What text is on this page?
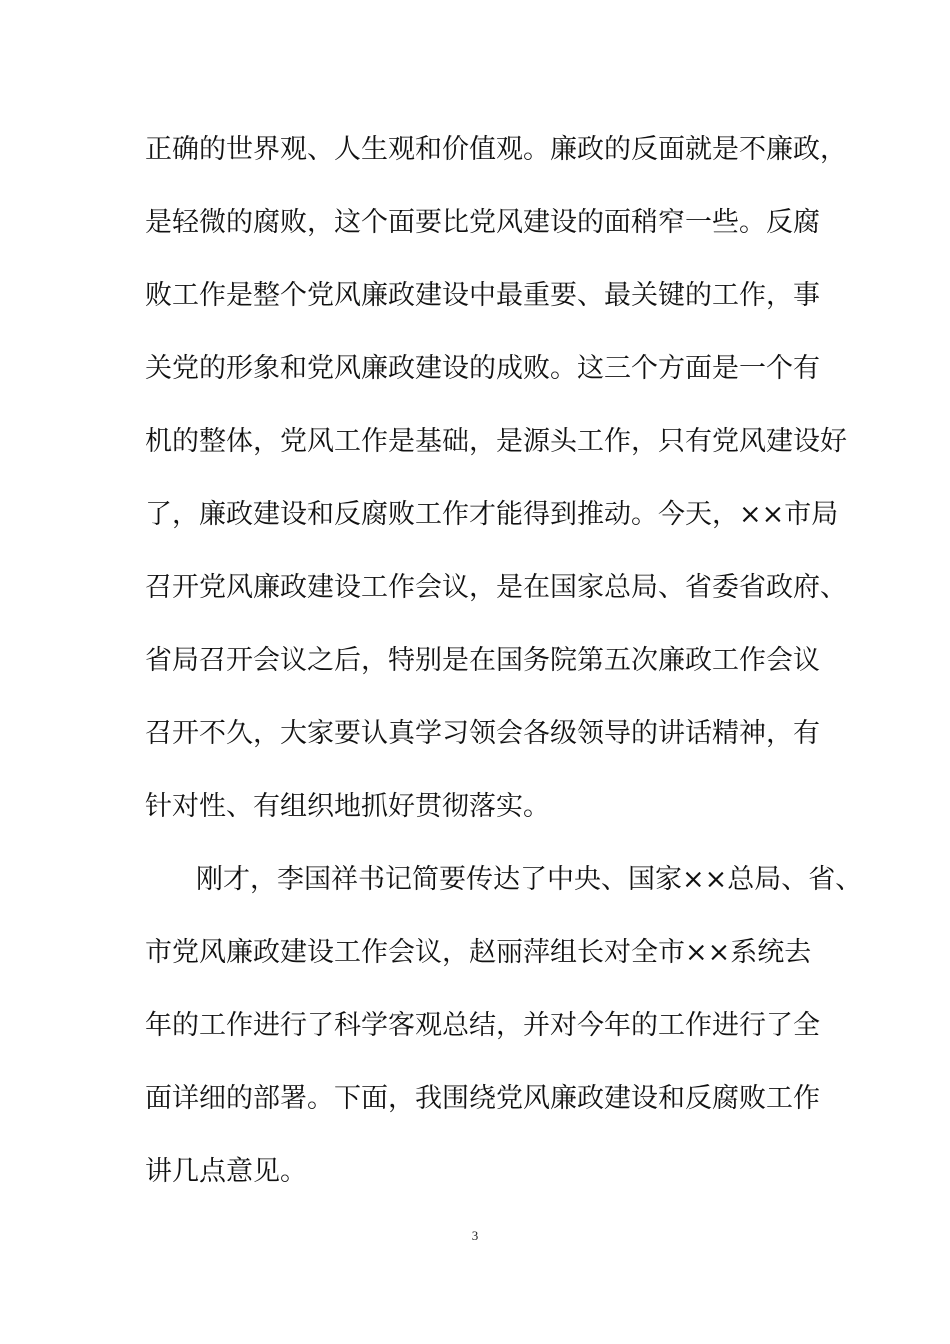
正确的世界观、人生观和价值观。廉政的反面就是不廉政，
是轻微的腐败，这个面要比党风建设的面稍窄一些。反腐
败工作是整个党风廉政建设中最重要、最关键的工作，事
关党的形象和党风廉政建设的成败。这三个方面是一个有
机的整体，党风工作是基础，是源头工作，只有党风建设好
了，廉政建设和反腐败工作才能得到推动。今天，××市局
召开党风廉政建设工作会议，是在国家总局、省委省政府、
省局召开会议之后，特别是在国务院第五次廉政工作会议
召开不久，大家要认真学习领会各级领导的讲话精神，有
针对性、有组织地抓好贯彻落实。
刚才，李国祥书记简要传达了中央、国家××总局、省、
市党风廉政建设工作会议，赵丽萍组长对全市××系统去
年的工作进行了科学客观总结，并对今年的工作进行了全
面详细的部署。下面，我围绕党风廉政建设和反腐败工作
讲几点意见。
3
